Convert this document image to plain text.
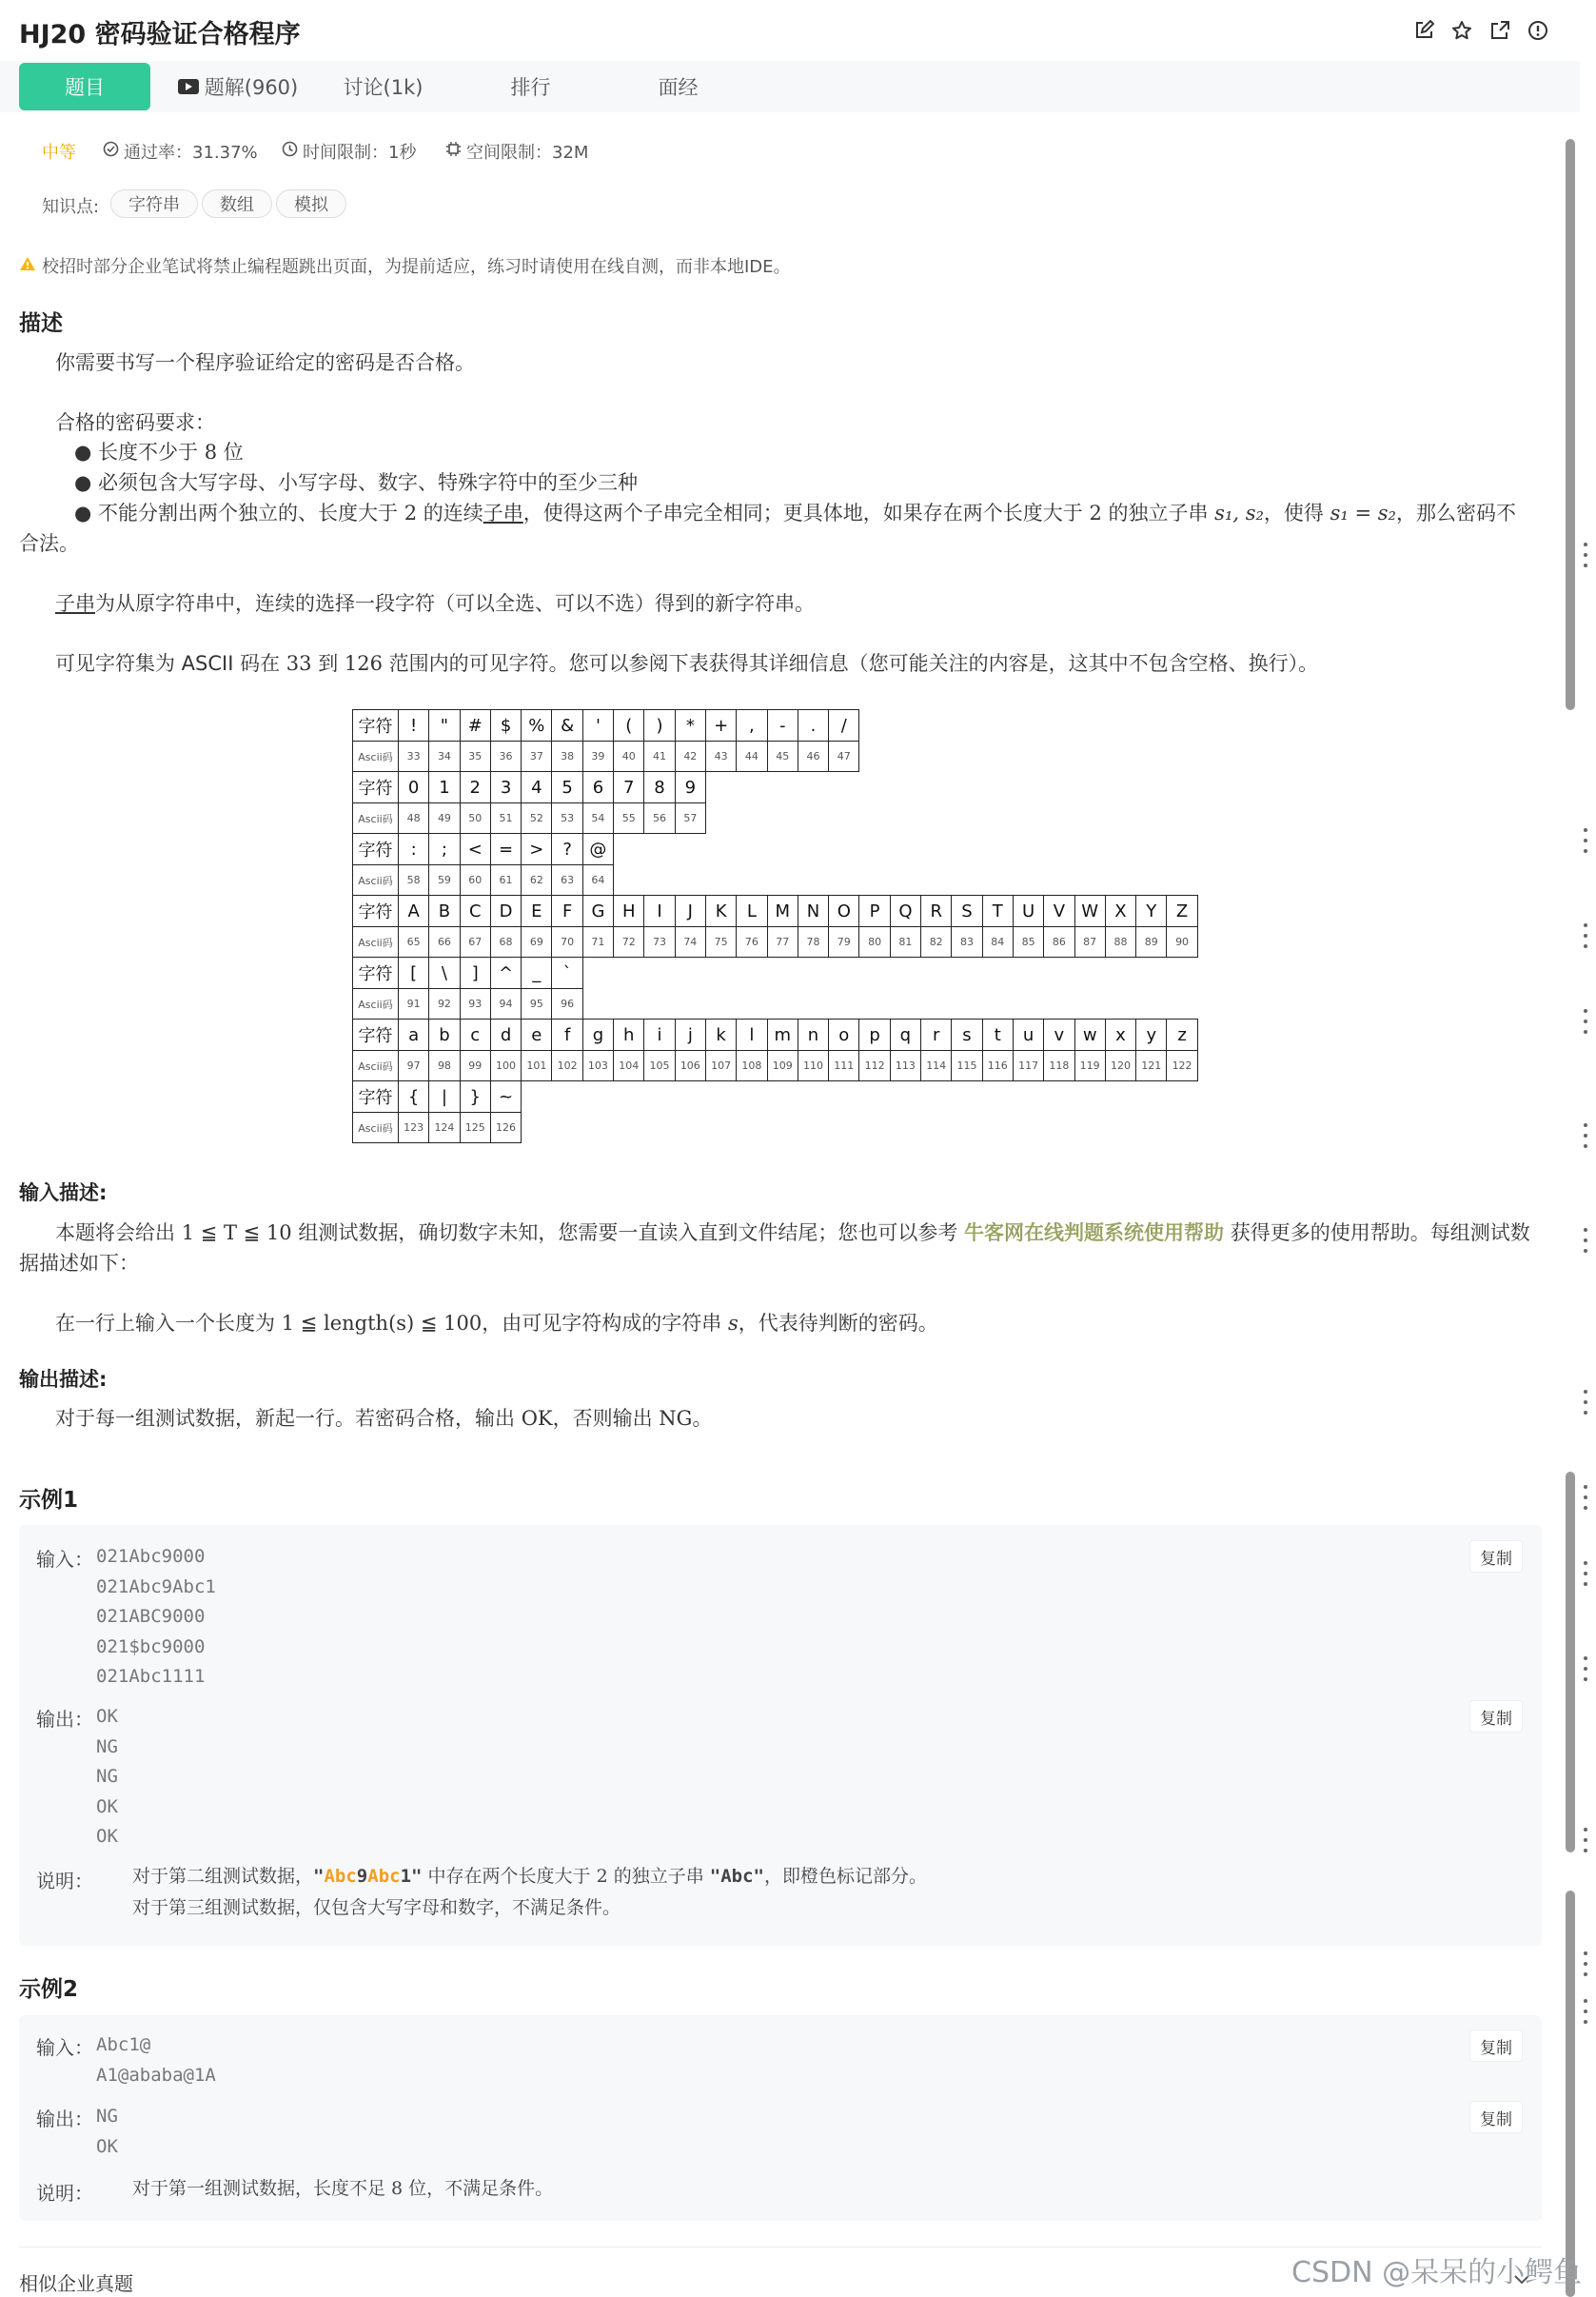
HJ20 密码验证合格程序
题目	题解(960)	讨论(1k)	排行	面经
中等	通过率：31.37%	时间限制：1秒	空间限制：32M
知识点:	字符串	数组	模拟
校招时部分企业笔试将禁止编程题跳出页面，为提前适应，练习时请使用在线自测，而非本地IDE。
描述
你需要书写一个程序验证给定的密码是否合格。
合格的密码要求：
● 长度不少于 8 位
● 必须包含大写字母、小写字母、数字、特殊字符中的至少三种
● 不能分割出两个独立的、长度大于 2 的连续子串，使得这两个子串完全相同；更具体地，如果存在两个长度大于 2 的独立子串 s₁, s₂，使得 s₁ = s₂，那么密码不
合法。
子串为从原字符串中，连续的选择一段字符（可以全选、可以不选）得到的新字符串。
可见字符集为 ASCII 码在 33 到 126 范围内的可见字符。您可以参阅下表获得其详细信息（您可能关注的内容是，这其中不包含空格、换行）。
字符	!	"	#	$	%	&	'	(	)	*	+	,	-	.	/											
Ascii码	33	34	35	36	37	38	39	40	41	42	43	44	45	46	47											
字符	0	1	2	3	4	5	6	7	8	9																
Ascii码	48	49	50	51	52	53	54	55	56	57																
字符	:	;	<	=	>	?	@																			
Ascii码	58	59	60	61	62	63	64																			
字符	A	B	C	D	E	F	G	H	I	J	K	L	M	N	O	P	Q	R	S	T	U	V	W	X	Y	Z
Ascii码	65	66	67	68	69	70	71	72	73	74	75	76	77	78	79	80	81	82	83	84	85	86	87	88	89	90
字符	[	\	]	^	_	`																				
Ascii码	91	92	93	94	95	96																				
字符	a	b	c	d	e	f	g	h	i	j	k	l	m	n	o	p	q	r	s	t	u	v	w	x	y	z
Ascii码	97	98	99	100	101	102	103	104	105	106	107	108	109	110	111	112	113	114	115	116	117	118	119	120	121	122
字符	{	|	}	~																						
Ascii码	123	124	125	126																						
输入描述:
本题将会给出 1 ≦ T ≦ 10 组测试数据，确切数字未知，您需要一直读入直到文件结尾；您也可以参考 牛客网在线判题系统使用帮助 获得更多的使用帮助。每组测试数
据描述如下：
在一行上输入一个长度为 1 ≦ length(s) ≦ 100，由可见字符构成的字符串 s，代表待判断的密码。
输出描述:
对于每一组测试数据，新起一行。若密码合格，输出 OK，否则输出 NG。
示例1
输入： 021Abc9000
021Abc9Abc1
021ABC9000
021$bc9000
021Abc1111
复制
输出： OK
NG
NG
OK
OK
复制
说明： 对于第二组测试数据，"Abc9Abc1" 中存在两个长度大于 2 的独立子串 "Abc"，即橙色标记部分。
对于第三组测试数据，仅包含大写字母和数字，不满足条件。
示例2
输入： Abc1@
A1@ababa@1A
复制
输出： NG
OK
复制
说明： 对于第一组测试数据，长度不足 8 位，不满足条件。
相似企业真题	CSDN @呆呆的小鳄鱼
